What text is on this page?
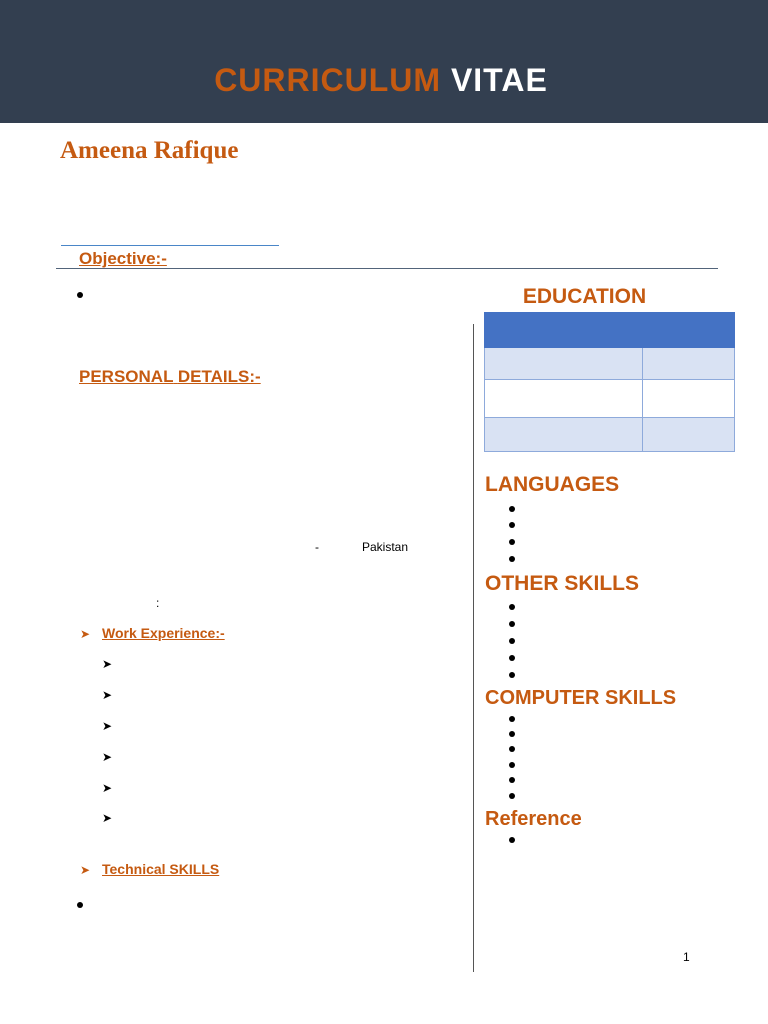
CURRICULUM VITAE
Ameena Rafique
Objective:-
PERSONAL DETAILS:-
-	Pakistan
:
➤ Work Experience:-
➤
➤
➤
➤
➤
➤
➤ Technical SKILLS
EDUCATION

LANGUAGES
OTHER SKILLS
COMPUTER SKILLS
Reference
1
